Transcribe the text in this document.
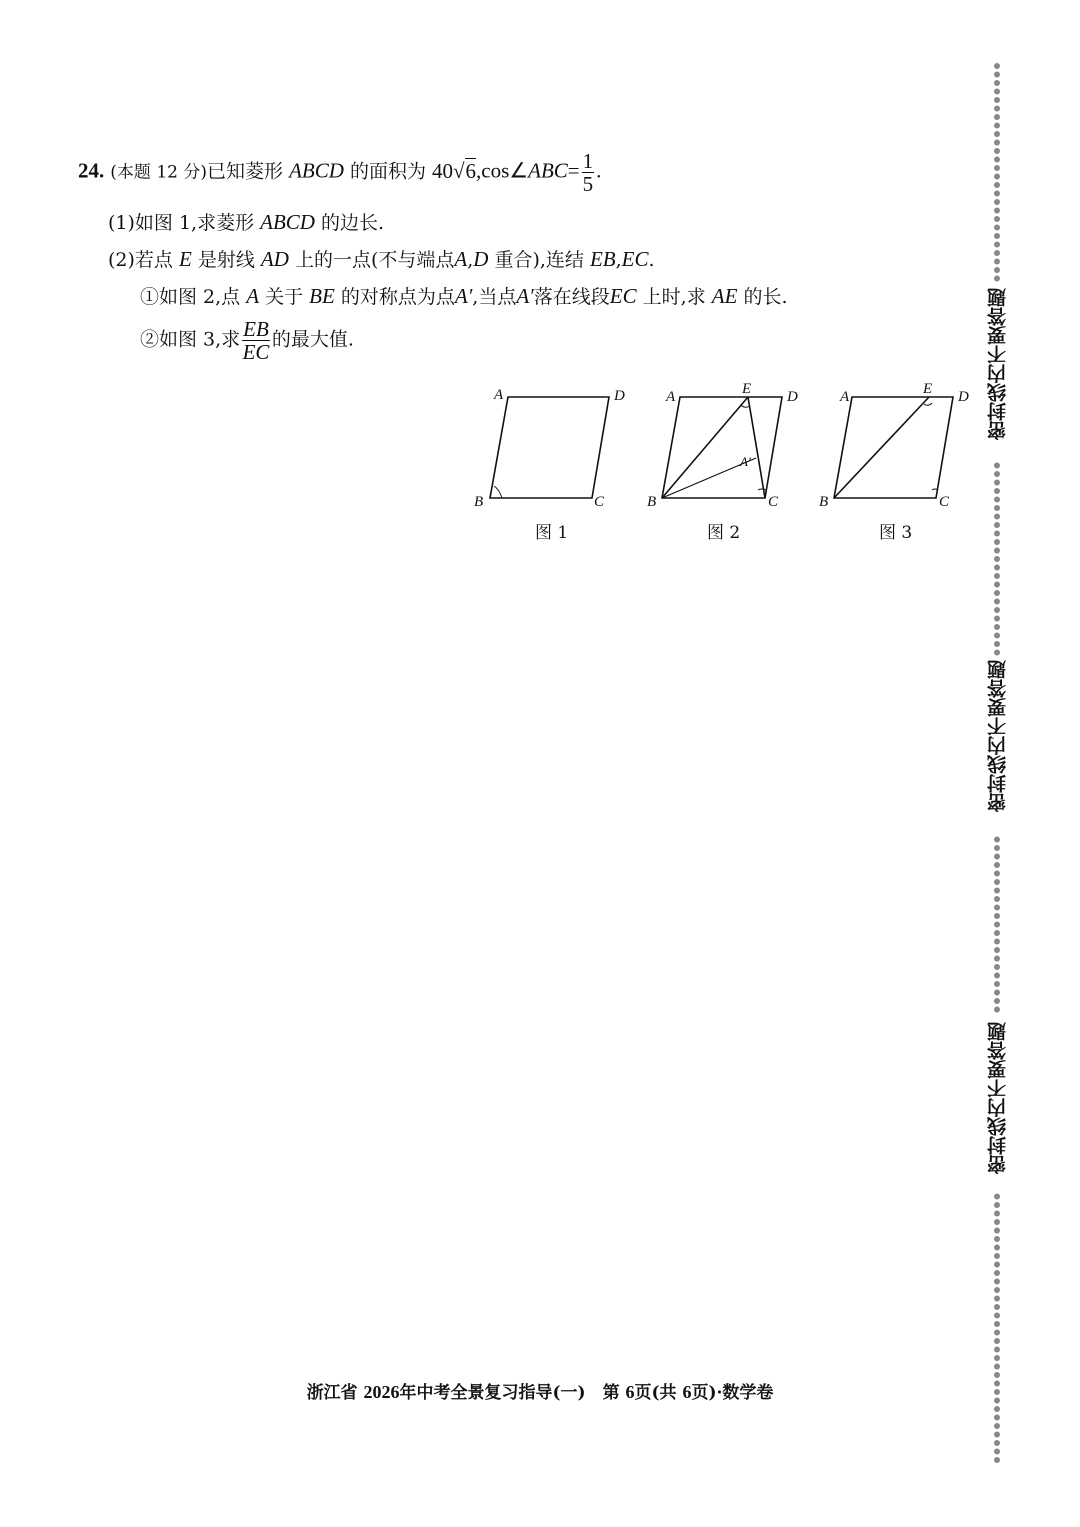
24. (本题 12 分)已知菱形 ABCD 的面积为 40√6,cos∠ABC= $\frac{1}{5}$ .
(1)如图 1,求菱形 ABCD 的边长.
(2)若点 E 是射线 AD 上的一点(不与端点A,D 重合),连结 EB,EC.
①如图 2,点 A 关于 BE 的对称点为点A′,当点A′落在线段EC 上时,求 AE 的长.
②如图 3,求 $\frac{EB}{EC}$ 的最大值.
A	D
B	C
A	E D
A′
B	C
A	E D
B	C
图 1	图 2	图 3
浙江省 2026年中考全景复习指导(一)　第 6页(共 6页)·数学卷
密封线内不要答题
密封线内不要答题
密封线内不要答题
